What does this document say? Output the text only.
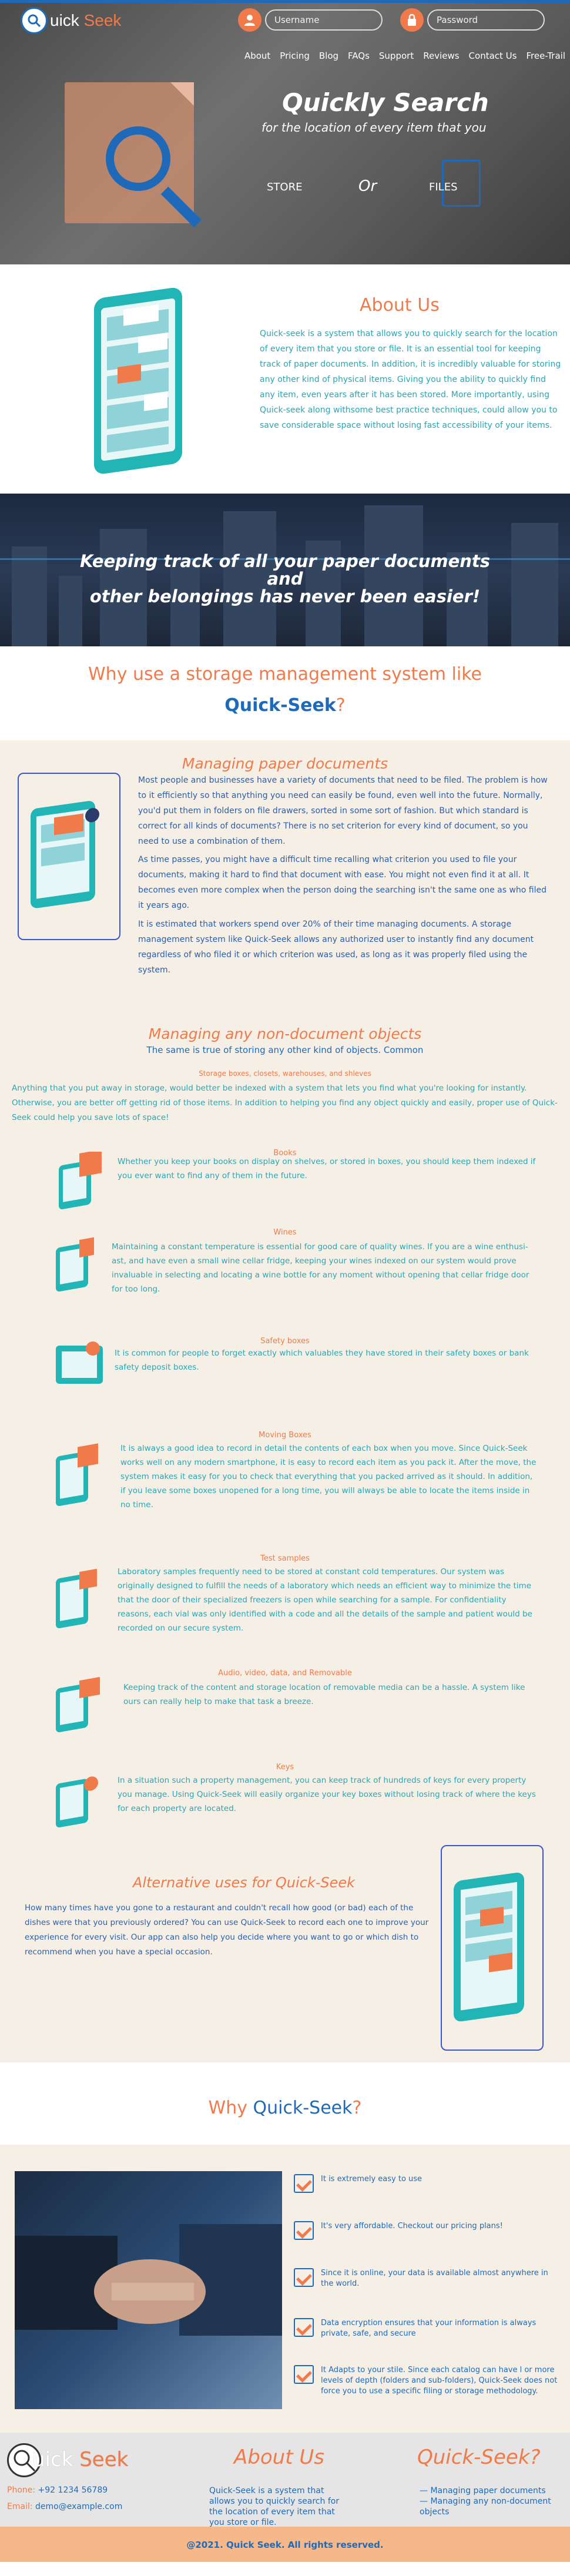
uick Seek
Username
About Pricing Blog FAQs Support Reviews Contact Us Free-Trail
Quickly Search
for the location of every item that you
STORE	Or	FILES
About Us

Quick-seek is a system that allows you to quickly search for the location of every item that you store or file. It is an essential tool for keeping track of paper documents. In addition, it is incredibly valuable for storing any other kind of physical items. Giving you the ability to quickly find any item, even years after it has been stored. More importantly, using Quick-seek along withsome best practice techniques, could allow you to save considerable space without losing fast accessibility of your items.

Keeping track of all your paper documents and
other belongings has never been easier!
Why use a storage management system like
Quick-Seek?
Managing paper documents
Most people and businesses have a variety of documents that need to be filed. The problem is how to it efficiently so that anything you need can easily be found, even well into the future. Normally, you'd put them in folders on file drawers, sorted in some sort of fashion. But which standard is correct for all kinds of documents? There is no set criterion for every kind of document, so you need to use a combination of them.
As time passes, you might have a difficult time recalling what criterion you used to file your documents, making it hard to find that document with ease. You might not even find it at all. It becomes even more complex when the person doing the searching isn't the same one as who filed it years ago.
It is estimated that workers spend over 20% of their time managing documents. A storage management system like Quick-Seek allows any authorized user to instantly find any document regardless of who filed it or which criterion was used, as long as it was properly filed using the system.
Managing any non-document objects
The same is true of storing any other kind of objects. Common
Storage boxes, closets, warehouses, and shleves
Anything that you put away in storage, would better be indexed with a system that lets you find what you're looking for instantly. Otherwise, you are better off getting rid of those items. In addition to helping you find any object quickly and easily, proper use of Quick-Seek could help you save lots of space!
Books
Whether you keep your books on display on shelves, or stored in boxes, you should keep them indexed if you ever want to find any of them in the future.
Wines
Maintaining a constant temperature is essential for good care of quality wines. If you are a wine enthusi-ast, and have even a small wine cellar fridge, keeping your wines indexed on our system would prove invaluable in selecting and locating a wine bottle for any moment without opening that cellar fridge door for too long.
Safety boxes
It is common for people to forget exactly which valuables they have stored in their safety boxes or bank safety deposit boxes.
Moving Boxes
It is always a good idea to record in detail the contents of each box when you move. Since Quick-Seek works well on any modern smartphone, it is easy to record each item as you pack it. After the move, the system makes it easy for you to check that everything that you packed arrived as it should. In addition, if you leave some boxes unopened for a long time, you will always be able to locate the items inside in no time.
Test samples
Laboratory samples frequently need to be stored at constant cold temperatures. Our system was originally designed to fulfill the needs of a laboratory which needs an efficient way to minimize the time that the door of their specialized freezers is open while searching for a sample. For confidentiality reasons, each vial was only identified with a code and all the details of the sample and patient would be recorded on our secure system.
Audio, video, data, and Removable
Keeping track of the content and storage location of removable media can be a hassle. A system like ours can really help to make that task a breeze.
Keys
In a situation such a property management, you can keep track of hundreds of keys for every property you manage. Using Quick-Seek will easily organize your key boxes without losing track of where the keys for each property are located.
Alternative uses for Quick-Seek
How many times have you gone to a restaurant and couldn't recall how good (or bad) each of the dishes were that you previously ordered? You can use Quick-Seek to record each one to improve your experience for every visit. Our app can also help you decide where you want to go or which dish to recommend when you have a special occasion.
Why Quick-Seek?
It is extremely easy to use
It's very affordable. Checkout our pricing plans!
Since it is online, your data is available almost anywhere in the world.
Data encryption ensures that your information is always private, safe, and secure
It Adapts to your stile. Since each catalog can have l or more levels of depth (folders and sub-folders), Quick-Seek does not force you to use a specific filing or storage methodology.
uick Seek
Phone: +92 1234 56789
Email: demo@example.com
About Us
Quick-Seek is a system that allows you to quickly search for the location of every item that you store or file.
Quick-Seek?
— Managing paper documents
— Managing any non-document objects
@2021. Quick Seek. All rights reserved.
